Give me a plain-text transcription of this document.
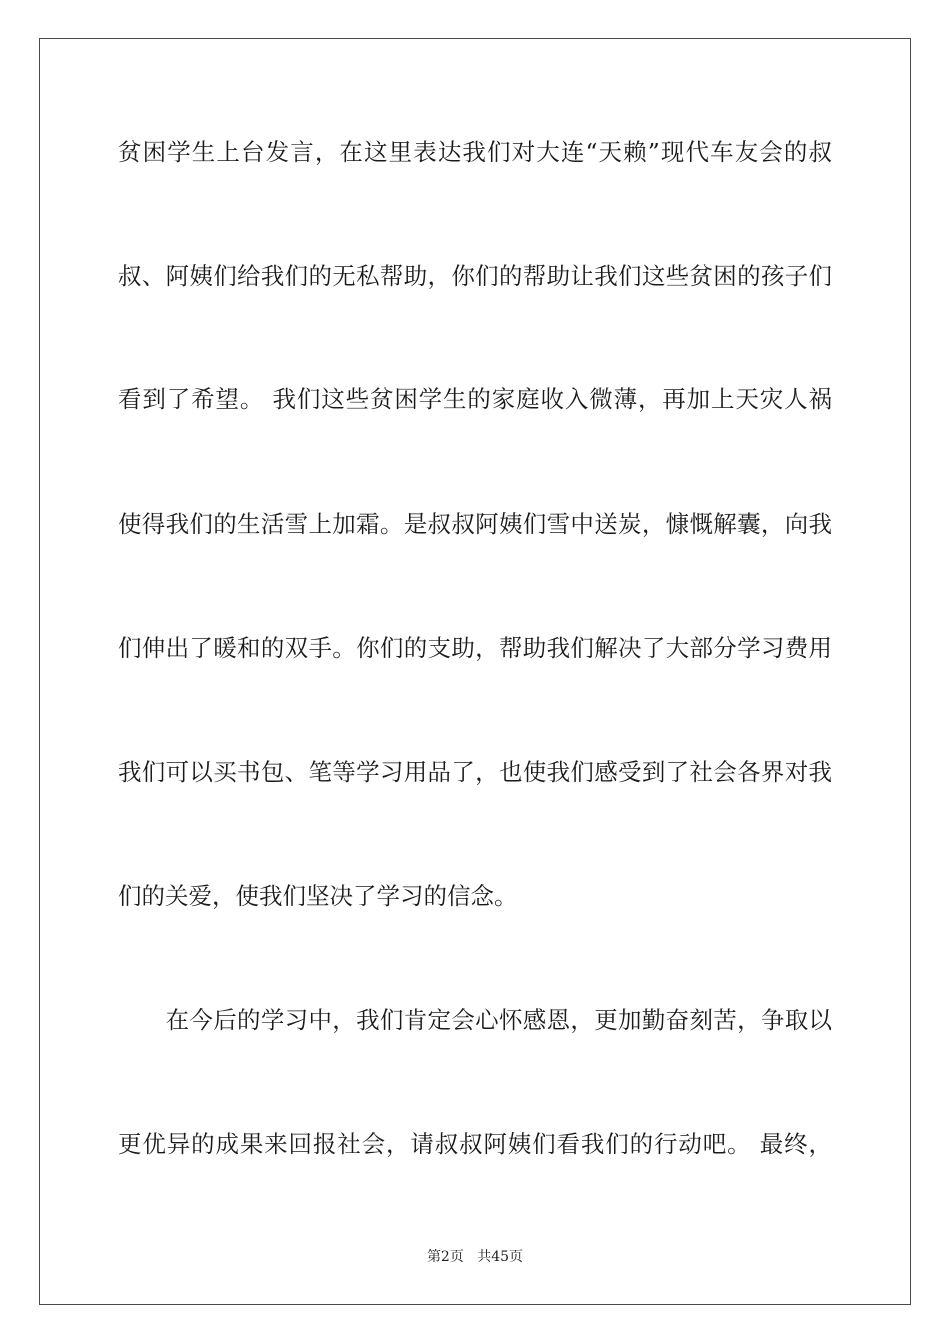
贫困学生上台发言，在这里表达我们对大连“天赖”现代车友会的叔
叔、阿姨们给我们的无私帮助，你们的帮助让我们这些贫困的孩子们
看到了希望。 我们这些贫困学生的家庭收入微薄，再加上天灾人祸
使得我们的生活雪上加霜。是叔叔阿姨们雪中送炭，慷慨解囊，向我
们伸出了暖和的双手。你们的支助，帮助我们解决了大部分学习费用
我们可以买书包、笔等学习用品了，也使我们感受到了社会各界对我
们的关爱，使我们坚决了学习的信念。
　　在今后的学习中，我们肯定会心怀感恩，更加勤奋刻苦，争取以
更优异的成果来回报社会，请叔叔阿姨们看我们的行动吧。 最终，
第2页 共45页
